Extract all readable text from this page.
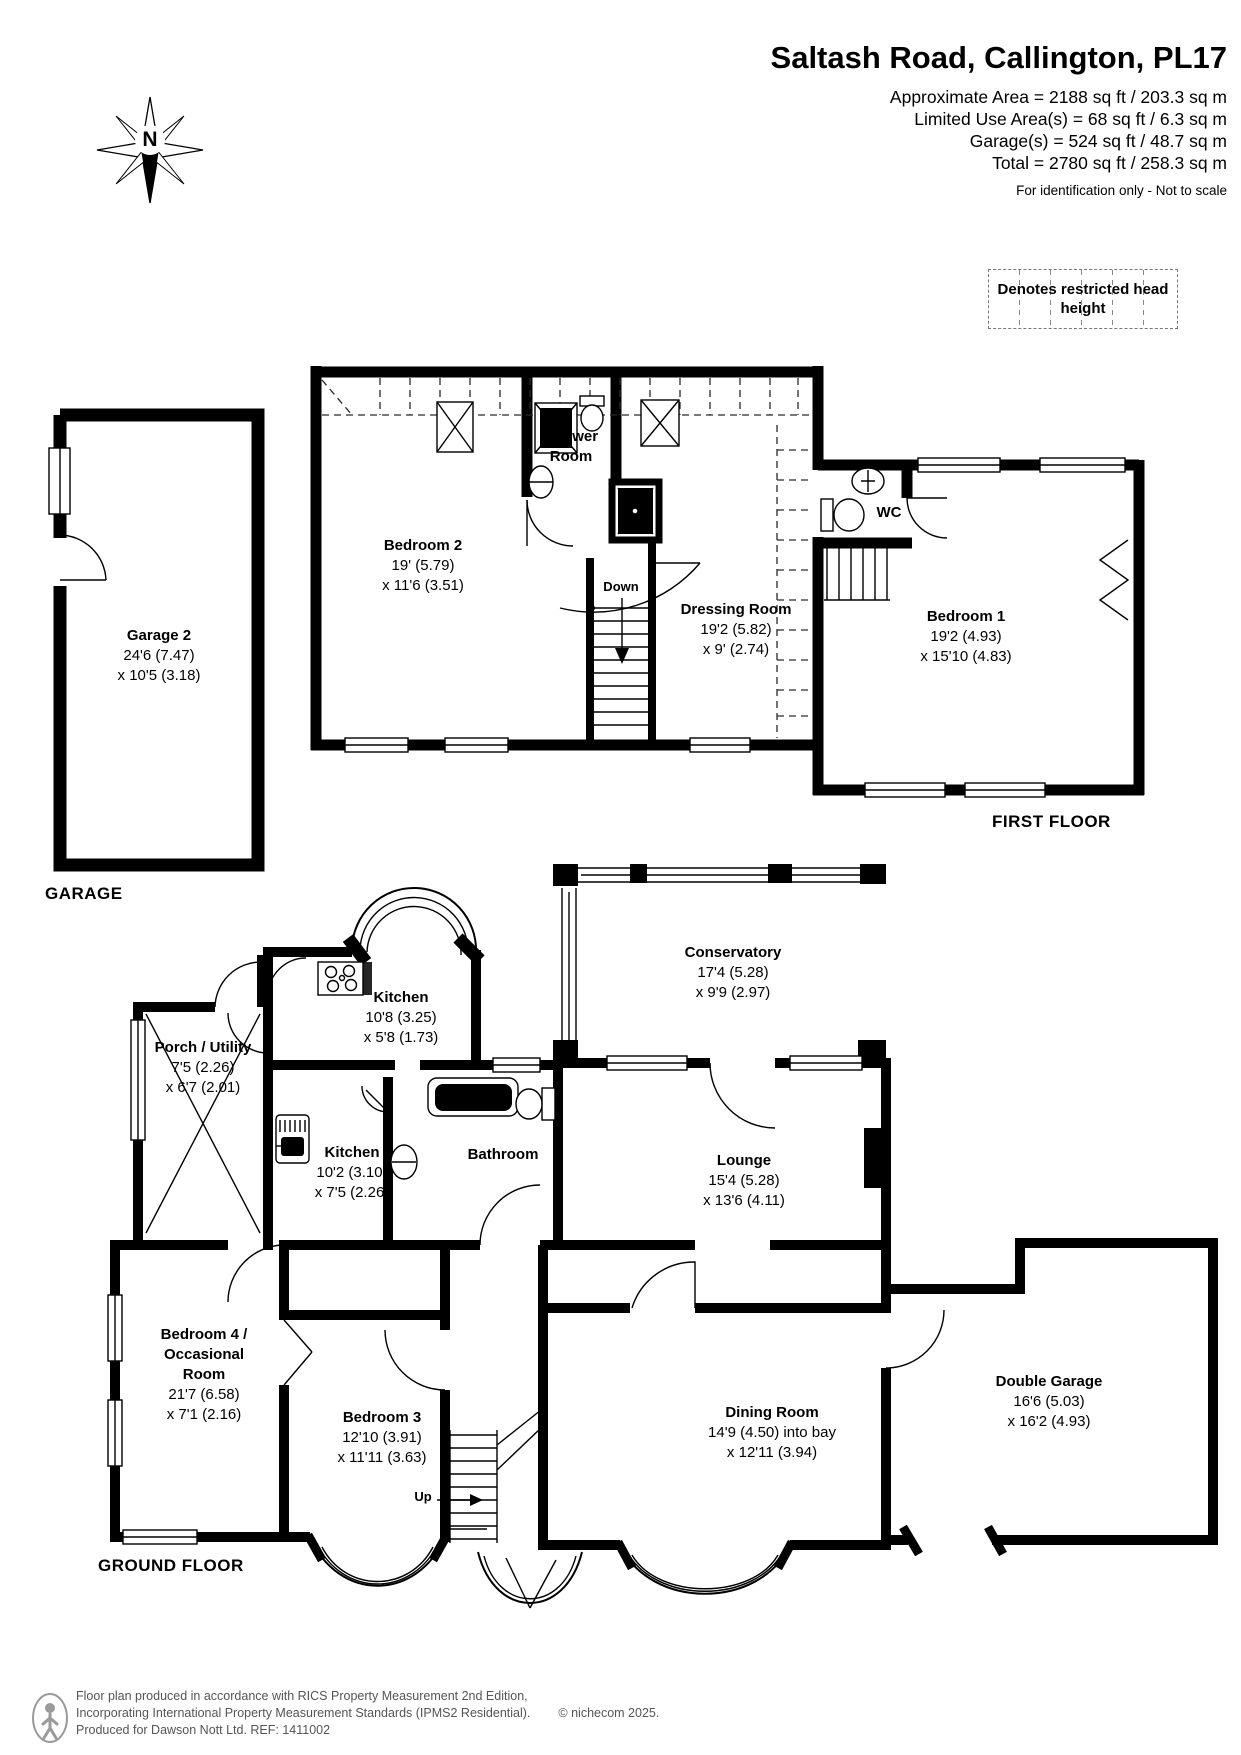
Saltash Road, Callington, PL17
Approximate Area = 2188 sq ft / 203.3 sq m
Limited Use Area(s) = 68 sq ft / 6.3 sq m
Garage(s) = 524 sq ft / 48.7 sq m
Total = 2780 sq ft / 258.3 sq m
For identification only - Not to scale
Denotes restricted head height
N
GARAGE
FIRST FLOOR
GROUND FLOOR
Garage 2
24'6 (7.47)
x 10'5 (3.18)
Bedroom 2
19' (5.79)
x 11'6 (3.51)
Shower Room
Down
Dressing Room
19'2 (5.82)
x 9' (2.74)
WC
Bedroom 1
19'2 (4.93)
x 15'10 (4.83)
Kitchen
10'8 (3.25)
x 5'8 (1.73)
Porch / Utility
7'5 (2.26)
x 6'7 (2.01)
Kitchen
10'2 (3.10)
x 7'5 (2.26)
Bathroom
Conservatory
17'4 (5.28)
x 9'9 (2.97)
Lounge
15'4 (5.28)
x 13'6 (4.11)
Bedroom 4 / Occasional Room
21'7 (6.58)
x 7'1 (2.16)	Bedroom 3
12'10 (3.91)
x 11'11 (3.63)
Dining Room
14'9 (4.50) into bay
x 12'11 (3.94)
Double Garage
16'6 (5.03)
x 16'2 (4.93)
Up
Floor plan produced in accordance with RICS Property Measurement 2nd Edition,
Incorporating International Property Measurement Standards (IPMS2 Residential). © nichecom 2025.
Produced for Dawson Nott Ltd. REF: 1411002
